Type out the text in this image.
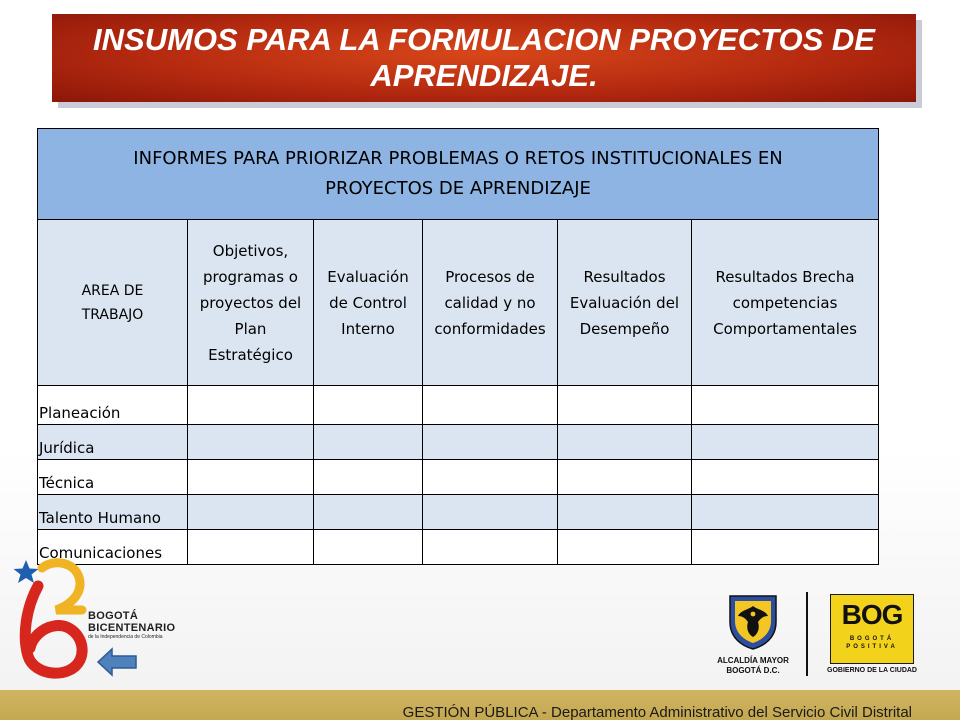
INSUMOS PARA LA FORMULACION PROYECTOS DE
APRENDIZAJE.
INFORMES PARA PRIORIZAR PROBLEMAS O RETOS INSTITUCIONALES EN
PROYECTOS DE APRENDIZAJE					
AREA DE
TRABAJO	Objetivos,
programas o
proyectos del
Plan
Estratégico	Evaluación
de Control
Interno	Procesos de
calidad y no
conformidades	Resultados
Evaluación del
Desempeño	Resultados Brecha
competencias
Comportamentales
Planeación					
Jurídica					
Técnica					
Talento Humano					
Comunicaciones					
BOGOTÁ
BICENTENARIO
de la Independencia de Colombia
ALCALDÍA MAYOR
BOGOTÁ D.C.
BOG
BOGOTÁ
POSITIVA
GOBIERNO DE LA CIUDAD
GESTIÓN PÚBLICA - Departamento Administrativo del Servicio Civil Distrital
